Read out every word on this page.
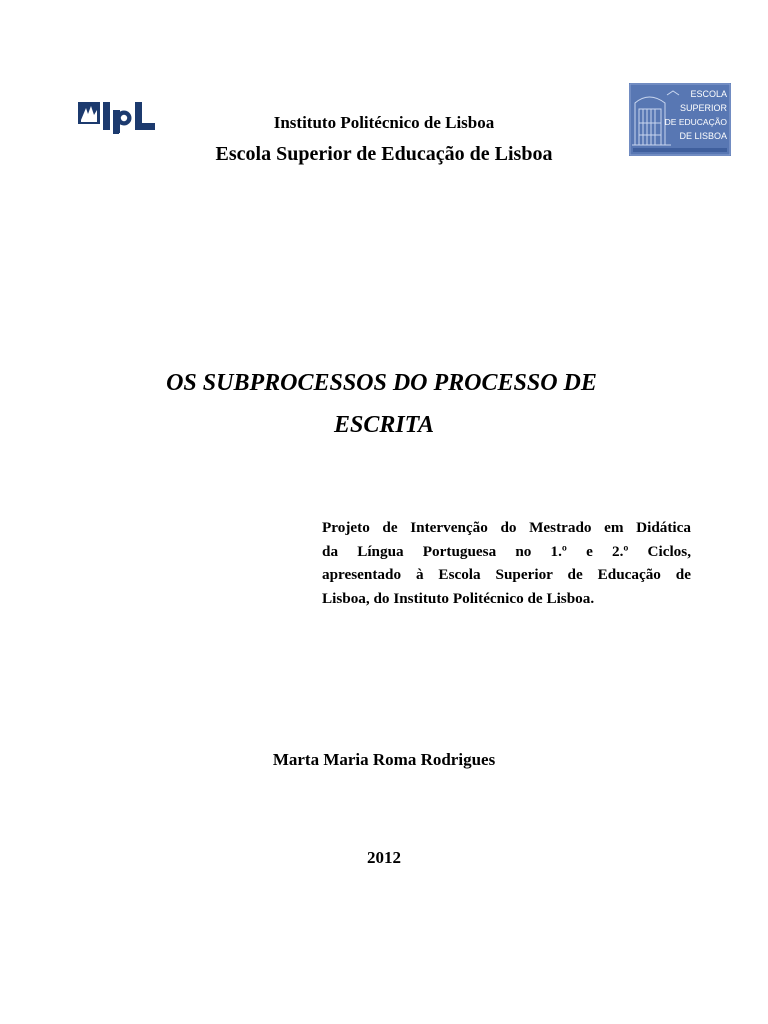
ESCOLA
SUPERIOR
DE EDUCAÇÃO
DE LISBOA
Instituto Politécnico de Lisboa
Escola Superior de Educação de Lisboa
OS SUBPROCESSOS DO PROCESSO DE
ESCRITA
Projeto de Intervenção do Mestrado em Didática
da Língua Portuguesa no 1.º e 2.º Ciclos,
apresentado à Escola Superior de Educação de
Lisboa, do Instituto Politécnico de Lisboa.
Marta Maria Roma Rodrigues
2012
